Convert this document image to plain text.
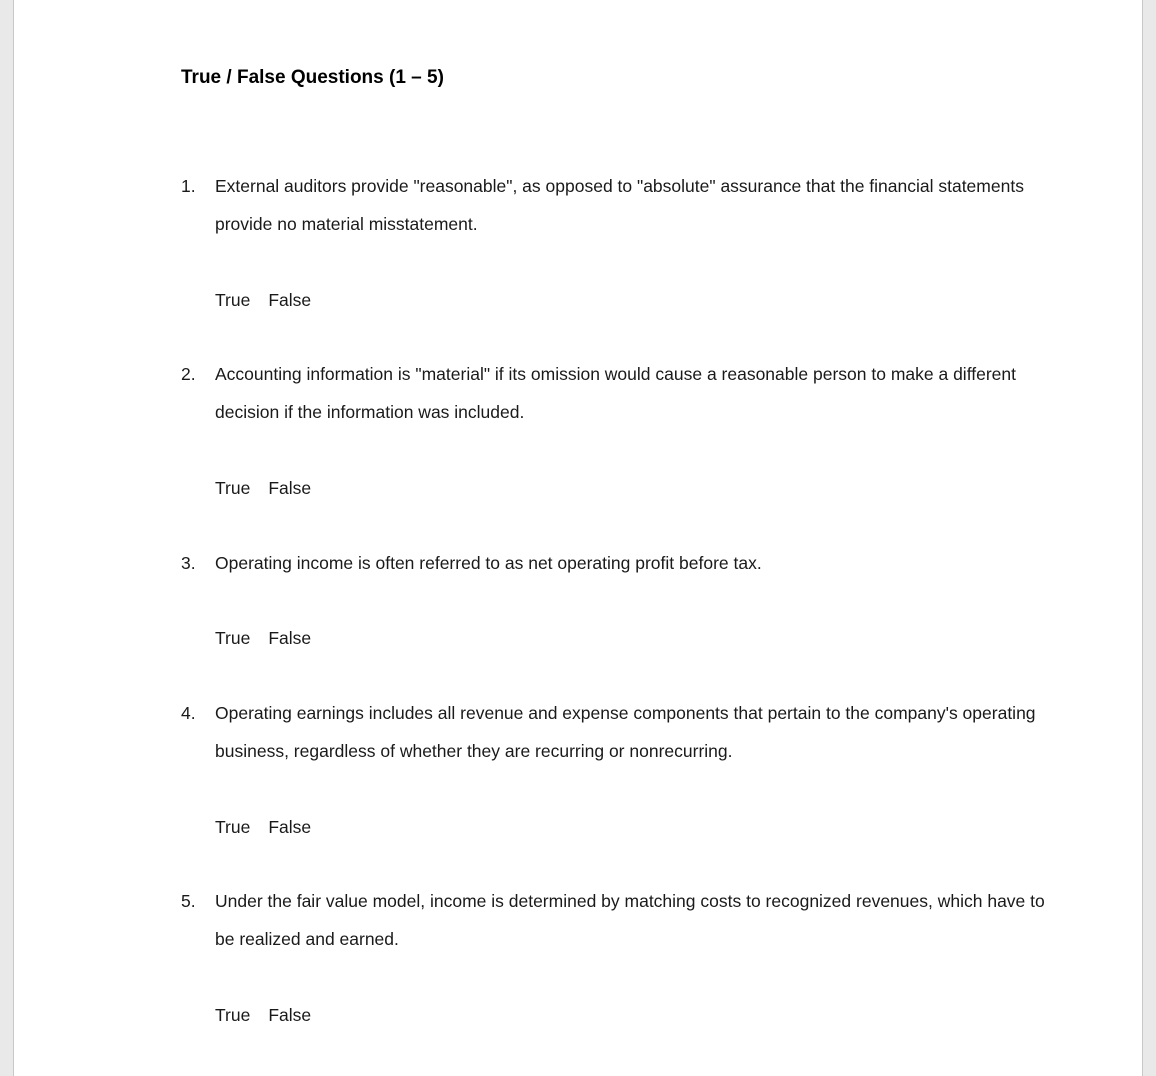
True / False Questions (1 – 5)
1.	External auditors provide "reasonable", as opposed to "absolute" assurance that the financial statements provide no material misstatement.
True False
2.	Accounting information is "material" if its omission would cause a reasonable person to make a different decision if the information was included.
True False
3.	Operating income is often referred to as net operating profit before tax.
True False
4.	Operating earnings includes all revenue and expense components that pertain to the company's operating business, regardless of whether they are recurring or nonrecurring.
True False
5.	Under the fair value model, income is determined by matching costs to recognized revenues, which have to be realized and earned.
True False
